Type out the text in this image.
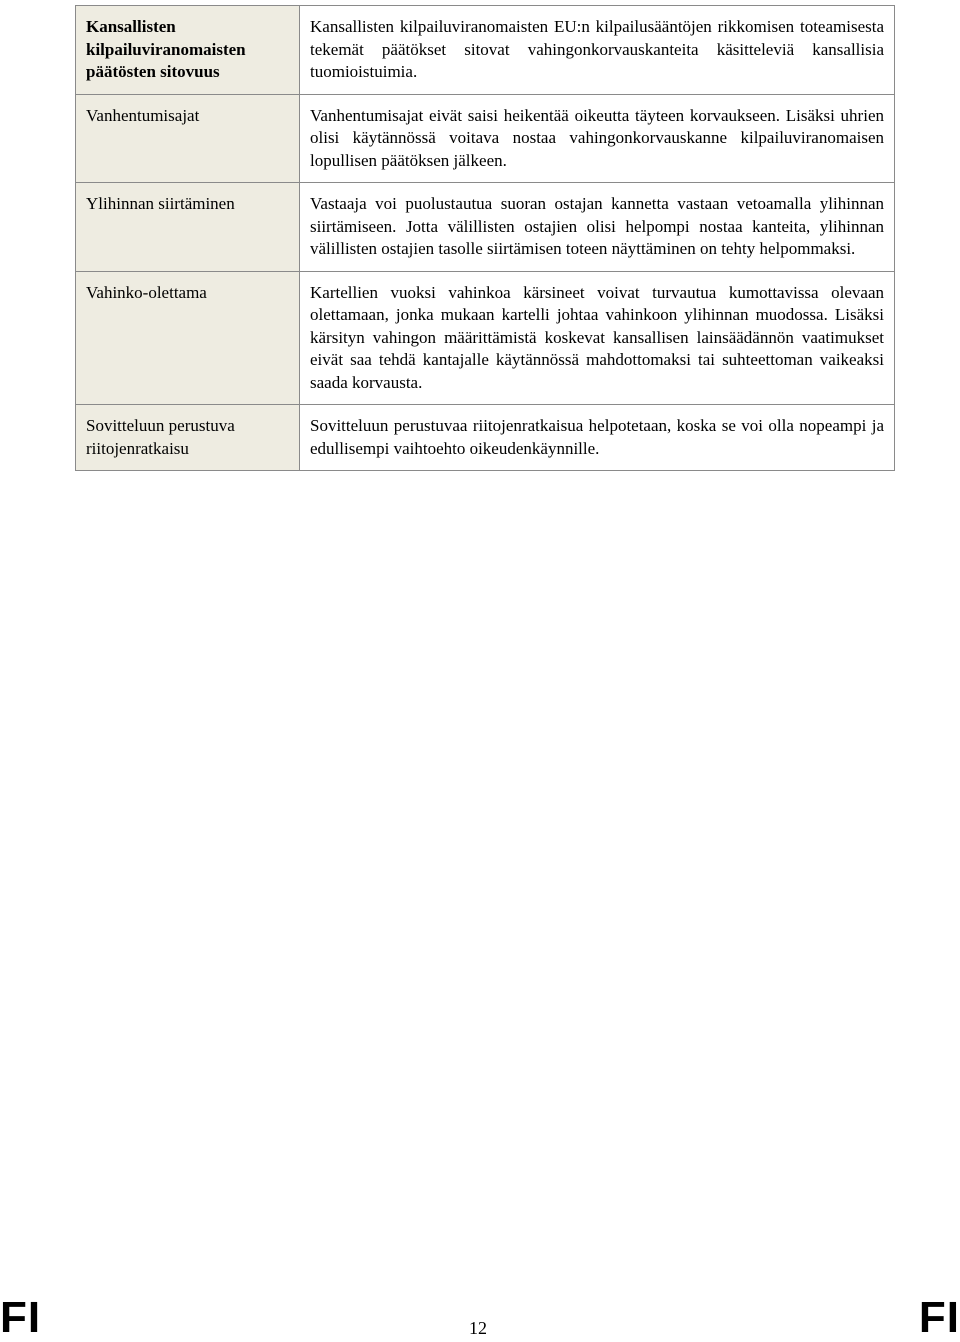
Kansallisten kilpailuviranomaisten päätösten sitovuus	Kansallisten kilpailuviranomaisten EU:n kilpailusääntöjen rikkomisen toteamisesta tekemät päätökset sitovat vahingonkorvauskanteita käsitteleviä kansallisia tuomioistuimia.

Vanhentumisajat	Vanhentumisajat eivät saisi heikentää oikeutta täyteen korvaukseen. Lisäksi uhrien olisi käytännössä voitava nostaa vahingonkorvauskanne kilpailuviranomaisen lopullisen päätöksen jälkeen.

Ylihinnan siirtäminen	Vastaaja voi puolustautua suoran ostajan kannetta vastaan vetoamalla ylihinnan siirtämiseen. Jotta välillisten ostajien olisi helpompi nostaa kanteita, ylihinnan välillisten ostajien tasolle siirtämisen toteen näyttäminen on tehty helpommaksi.

Vahinko-olettama	Kartellien vuoksi vahinkoa kärsineet voivat turvautua kumottavissa olevaan olettamaan, jonka mukaan kartelli johtaa vahinkoon ylihinnan muodossa. Lisäksi kärsityn vahingon määrittämistä koskevat kansallisen lainsäädännön vaatimukset eivät saa tehdä kantajalle käytännössä mahdottomaksi tai suhteettoman vaikeaksi saada korvausta.

Sovitteluun perustuva riitojenratkaisu	Sovitteluun perustuvaa riitojenratkaisua helpotetaan, koska se voi olla nopeampi ja edullisempi vaihtoehto oikeudenkäynnille.

FI	12	FI
